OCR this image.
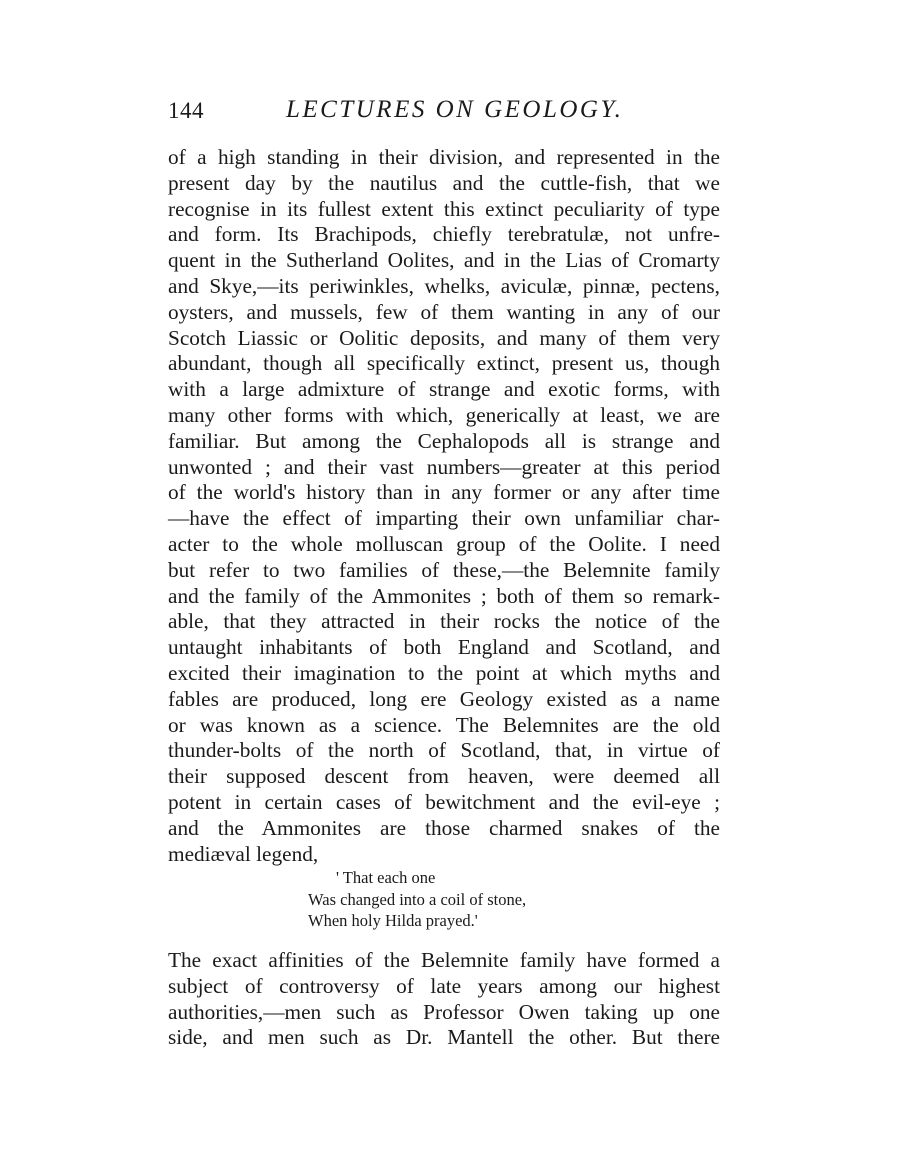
144	LECTURES ON GEOLOGY.
of a high standing in their division, and represented in the
present day by the nautilus and the cuttle-fish, that we
recognise in its fullest extent this extinct peculiarity of type
and form. Its Brachipods, chiefly terebratulæ, not unfre-
quent in the Sutherland Oolites, and in the Lias of Cromarty
and Skye,—its periwinkles, whelks, aviculæ, pinnæ, pectens,
oysters, and mussels, few of them wanting in any of our
Scotch Liassic or Oolitic deposits, and many of them very
abundant, though all specifically extinct, present us, though
with a large admixture of strange and exotic forms, with
many other forms with which, generically at least, we are
familiar. But among the Cephalopods all is strange and
unwonted ; and their vast numbers—greater at this period
of the world's history than in any former or any after time
—have the effect of imparting their own unfamiliar char-
acter to the whole molluscan group of the Oolite. I need
but refer to two families of these,—the Belemnite family
and the family of the Ammonites ; both of them so remark-
able, that they attracted in their rocks the notice of the
untaught inhabitants of both England and Scotland, and
excited their imagination to the point at which myths and
fables are produced, long ere Geology existed as a name
or was known as a science. The Belemnites are the old
thunder-bolts of the north of Scotland, that, in virtue of
their supposed descent from heaven, were deemed all
potent in certain cases of bewitchment and the evil-eye ;
and the Ammonites are those charmed snakes of the
mediæval legend,
' That each one
Was changed into a coil of stone,
When holy Hilda prayed.'
The exact affinities of the Belemnite family have formed a
subject of controversy of late years among our highest
authorities,—men such as Professor Owen taking up one
side, and men such as Dr. Mantell the other. But there
